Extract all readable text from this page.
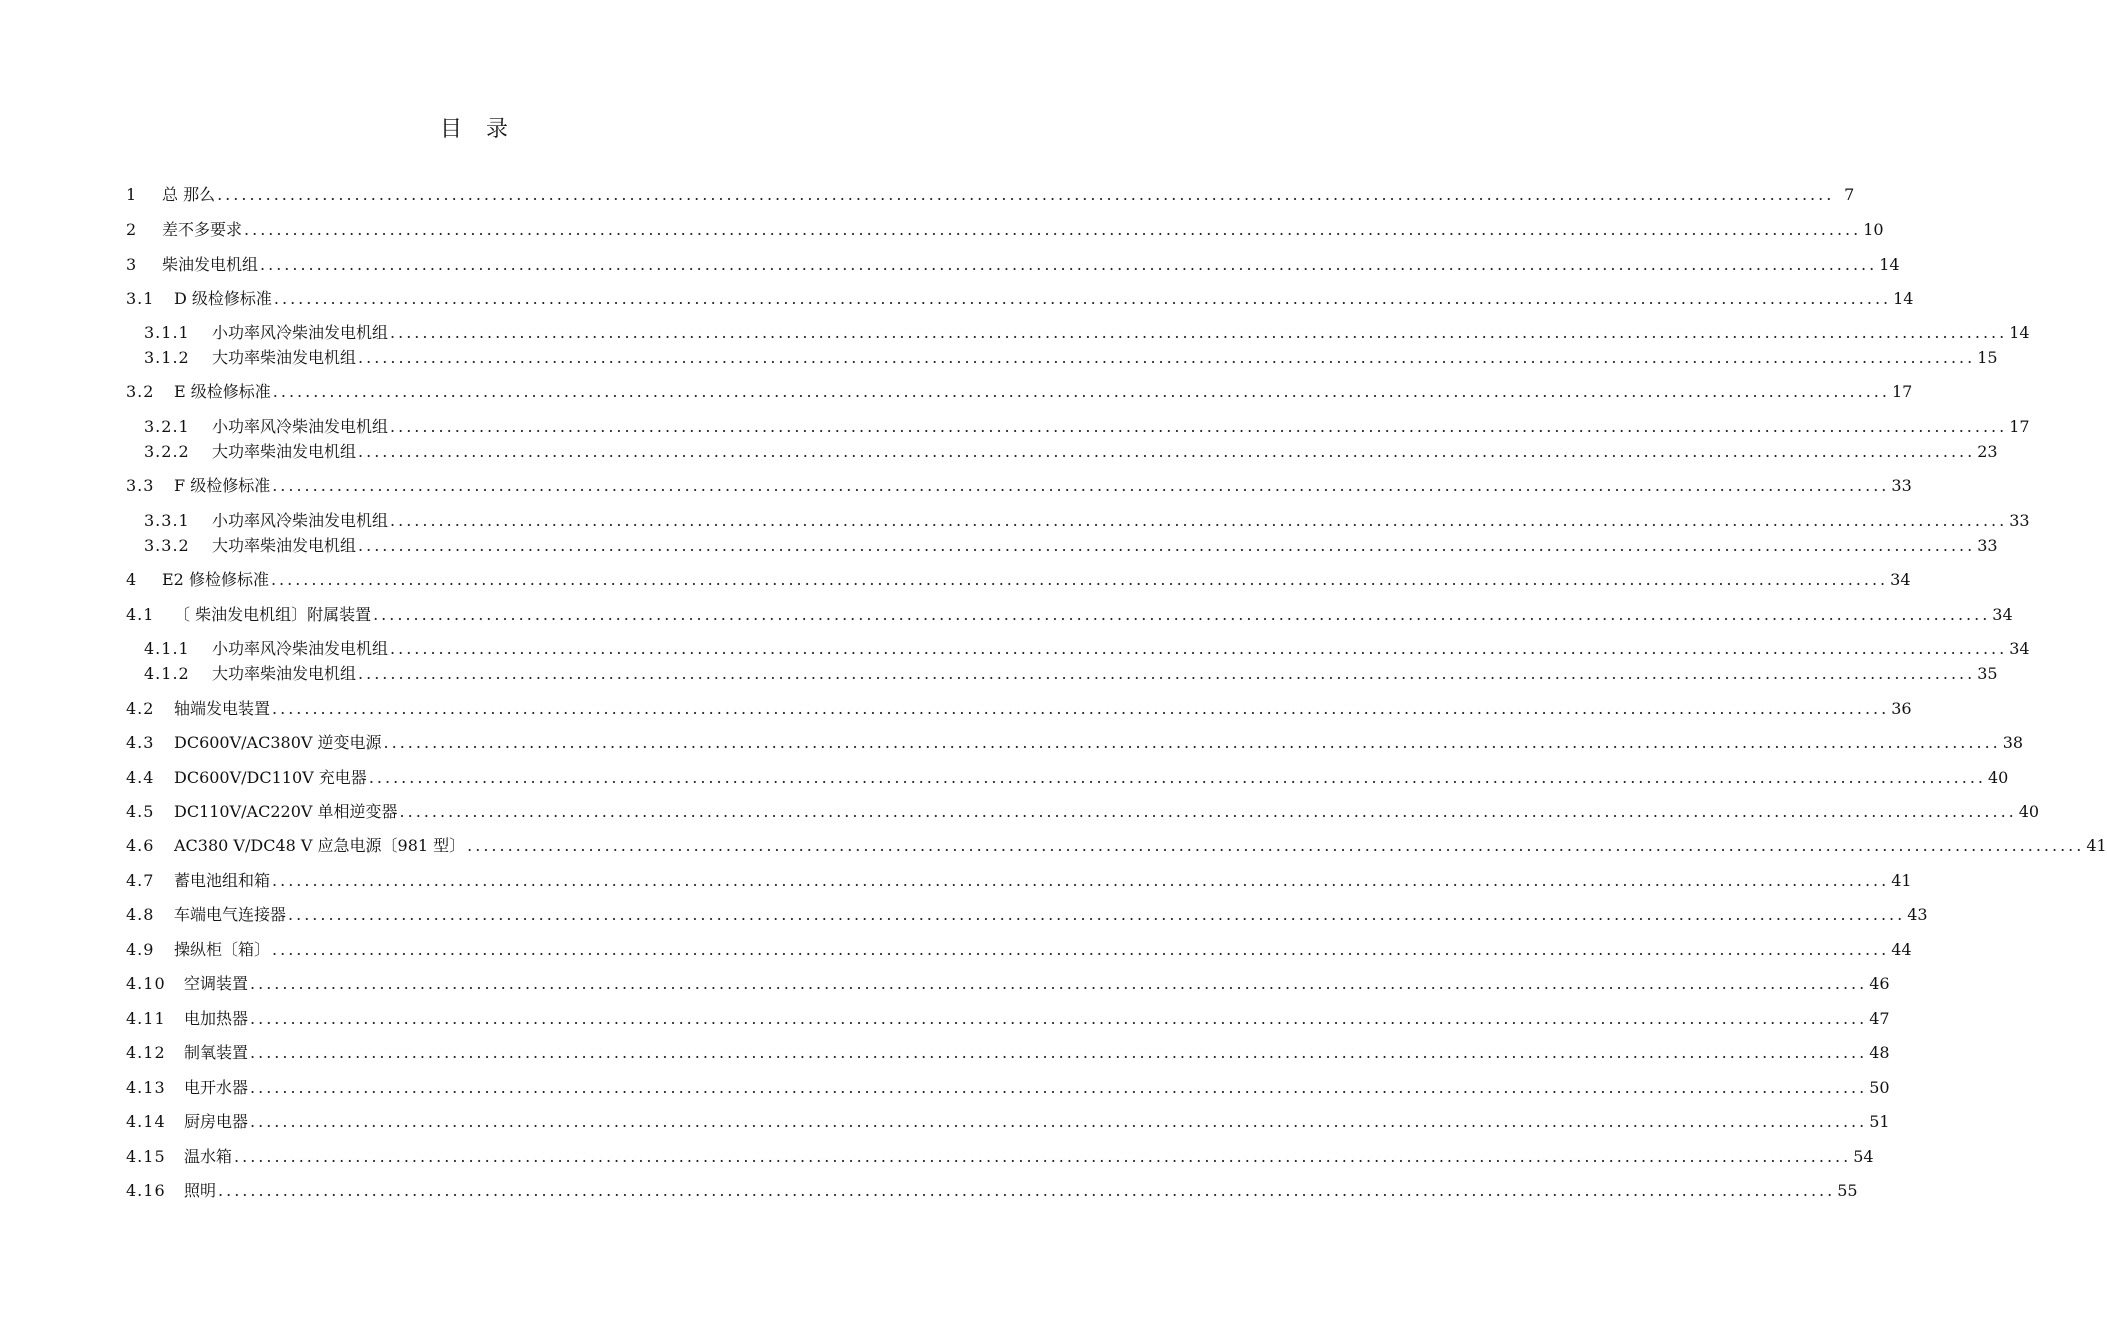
目 录
1	总 那么 ........................................................................................................................................................................................................ 7
2	差不多要求 ........................................................................................................................................................................................................ 10
3	柴油发电机组 ........................................................................................................................................................................................................ 14
3.1	D 级检修标准 ........................................................................................................................................................................................................ 14
3.1.1	小功率风冷柴油发电机组 ........................................................................................................................................................................................................ 14
3.1.2	大功率柴油发电机组 ........................................................................................................................................................................................................ 15
3.2	E 级检修标准 ........................................................................................................................................................................................................ 17
3.2.1	小功率风冷柴油发电机组 ........................................................................................................................................................................................................ 17
3.2.2	大功率柴油发电机组 ........................................................................................................................................................................................................ 23
3.3	F 级检修标准 ........................................................................................................................................................................................................ 33
3.3.1	小功率风冷柴油发电机组 ........................................................................................................................................................................................................ 33
3.3.2	大功率柴油发电机组 ........................................................................................................................................................................................................ 33
4	E2 修检修标准 ........................................................................................................................................................................................................ 34
4.1	〔 柴油发电机组〕附属装置 ........................................................................................................................................................................................................ 34
4.1.1	小功率风冷柴油发电机组 ........................................................................................................................................................................................................ 34
4.1.2	大功率柴油发电机组 ........................................................................................................................................................................................................ 35
4.2	轴端发电装置 ........................................................................................................................................................................................................ 36
4.3	DC600V/AC380V 逆变电源 ........................................................................................................................................................................................................ 38
4.4	DC600V/DC110V 充电器 ........................................................................................................................................................................................................ 40
4.5	DC110V/AC220V 单相逆变器 ........................................................................................................................................................................................................ 40
4.6	AC380 V/DC48 V 应急电源〔981 型〕 ........................................................................................................................................................................................................ 41
4.7	蓄电池组和箱 ........................................................................................................................................................................................................ 41
4.8	车端电气连接器 ........................................................................................................................................................................................................ 43
4.9	操纵柜〔箱〕 ........................................................................................................................................................................................................ 44
4.10	空调装置 ........................................................................................................................................................................................................ 46
4.11	电加热器 ........................................................................................................................................................................................................ 47
4.12	制氧装置 ........................................................................................................................................................................................................ 48
4.13	电开水器 ........................................................................................................................................................................................................ 50
4.14	厨房电器 ........................................................................................................................................................................................................ 51
4.15	温水箱 ........................................................................................................................................................................................................ 54
4.16	照明 ........................................................................................................................................................................................................ 55
